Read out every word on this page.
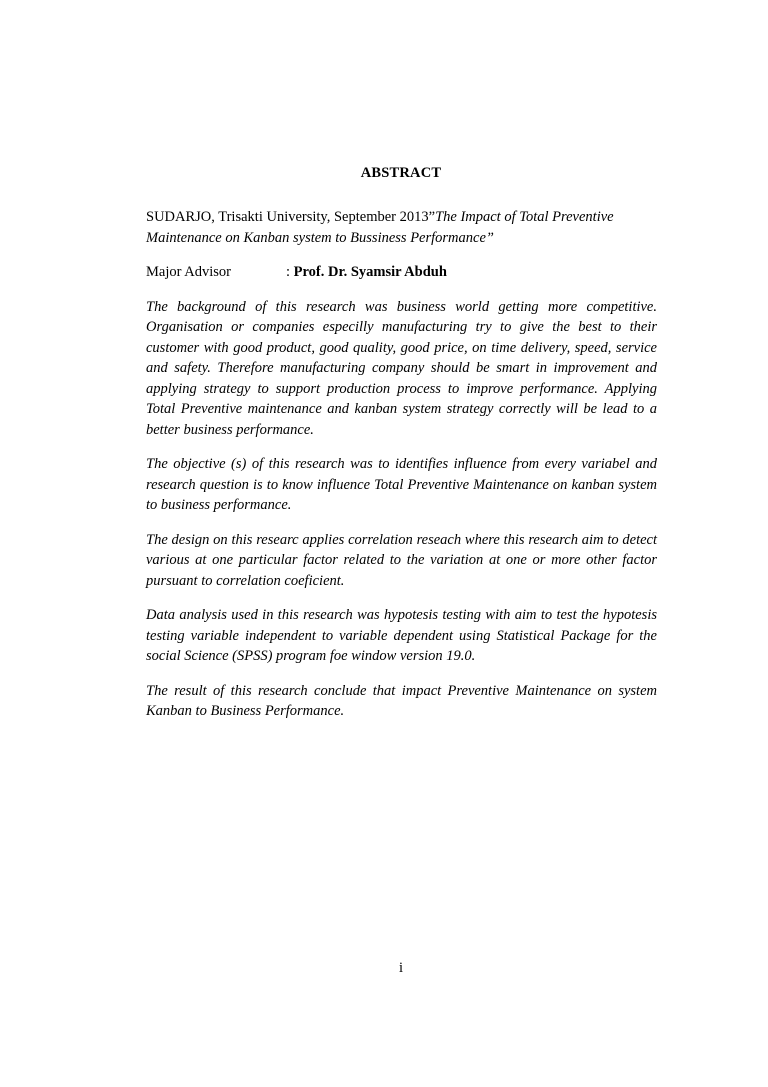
ABSTRACT

SUDARJO, Trisakti University, September 2013”The Impact of Total Preventive Maintenance on Kanban system to Bussiness Performance”

Major Advisor	: Prof. Dr. Syamsir Abduh

The background of this research was business world getting more competitive. Organisation or companies especilly manufacturing try to give the best to their customer with good product, good quality, good price, on time delivery, speed, service and safety. Therefore manufacturing company should be smart in improvement and applying strategy to support production process to improve performance. Applying Total Preventive maintenance and kanban system strategy correctly will be lead to a better business performance.

The objective (s) of this research was to identifies influence from every variabel and research question is to know influence Total Preventive Maintenance on kanban system to business performance.

The design on this researc applies correlation reseach where this research aim to detect various at one particular factor related to the variation at one or more other factor pursuant to correlation coeficient.

Data analysis used in this research was hypotesis testing with aim to test the hypotesis testing variable independent to variable dependent using Statistical Package for the social Science (SPSS) program foe window version 19.0.

The result of this research conclude that impact Preventive Maintenance on system Kanban to Business Performance.

i
